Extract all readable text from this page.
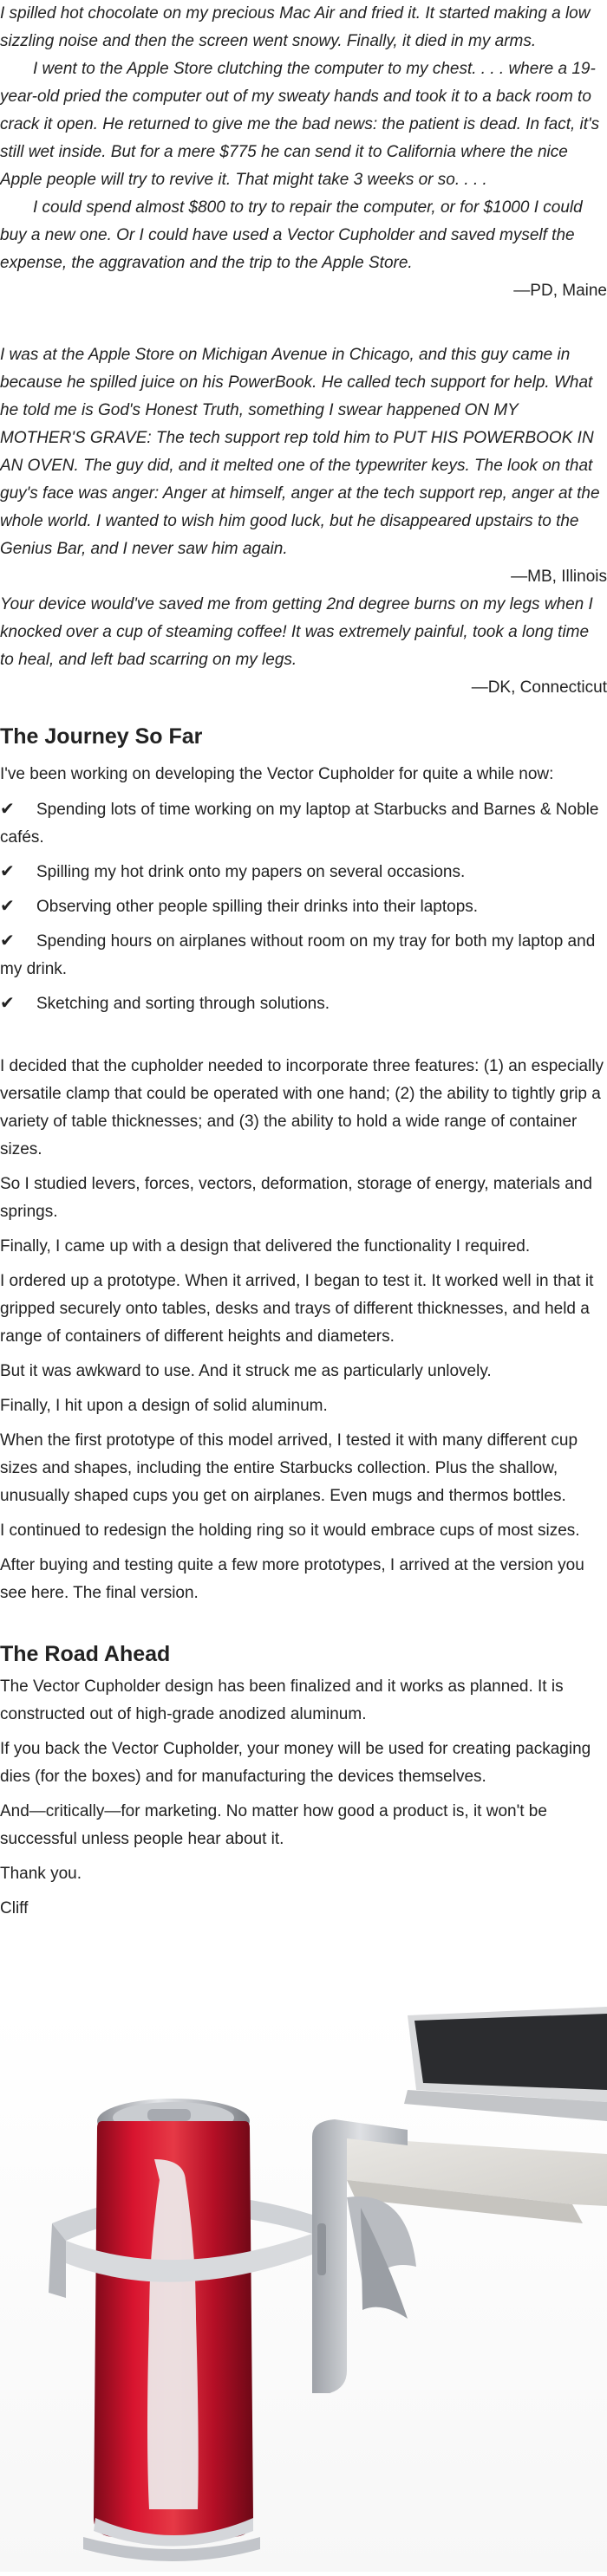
I spilled hot chocolate on my precious Mac Air and fried it. It started making a low sizzling noise and then the screen went snowy. Finally, it died in my arms.

I went to the Apple Store clutching the computer to my chest. . . . where a 19-year-old pried the computer out of my sweaty hands and took it to a back room to crack it open. He returned to give me the bad news: the patient is dead. In fact, it's still wet inside. But for a mere $775 he can send it to California where the nice Apple people will try to revive it. That might take 3 weeks or so. . . .

I could spend almost $800 to try to repair the computer, or for $1000 I could buy a new one. Or I could have used a Vector Cupholder and saved myself the expense, the aggravation and the trip to the Apple Store.

—PD, Maine

I was at the Apple Store on Michigan Avenue in Chicago, and this guy came in because he spilled juice on his PowerBook. He called tech support for help. What he told me is God's Honest Truth, something I swear happened ON MY MOTHER'S GRAVE: The tech support rep told him to PUT HIS POWERBOOK IN AN OVEN. The guy did, and it melted one of the typewriter keys. The look on that guy's face was anger: Anger at himself, anger at the tech support rep, anger at the whole world. I wanted to wish him good luck, but he disappeared upstairs to the Genius Bar, and I never saw him again.

—MB, Illinois

Your device would've saved me from getting 2nd degree burns on my legs when I knocked over a cup of steaming coffee! It was extremely painful, took a long time to heal, and left bad scarring on my legs.

—DK, Connecticut

The Journey So Far

I've been working on developing the Vector Cupholder for quite a while now:

✔ Spending lots of time working on my laptop at Starbucks and Barnes & Noble cafés.
✔ Spilling my hot drink onto my papers on several occasions.
✔ Observing other people spilling their drinks into their laptops.
✔ Spending hours on airplanes without room on my tray for both my laptop and my drink.
✔ Sketching and sorting through solutions.

I decided that the cupholder needed to incorporate three features: (1) an especially versatile clamp that could be operated with one hand; (2) the ability to tightly grip a variety of table thicknesses; and (3) the ability to hold a wide range of container sizes.

So I studied levers, forces, vectors, deformation, storage of energy, materials and springs.

Finally, I came up with a design that delivered the functionality I required.

I ordered up a prototype. When it arrived, I began to test it. It worked well in that it gripped securely onto tables, desks and trays of different thicknesses, and held a range of containers of different heights and diameters.

But it was awkward to use. And it struck me as particularly unlovely.

Finally, I hit upon a design of solid aluminum.

When the first prototype of this model arrived, I tested it with many different cup sizes and shapes, including the entire Starbucks collection. Plus the shallow, unusually shaped cups you get on airplanes. Even mugs and thermos bottles.

I continued to redesign the holding ring so it would embrace cups of most sizes.

After buying and testing quite a few more prototypes, I arrived at the version you see here. The final version.

The Road Ahead

The Vector Cupholder design has been finalized and it works as planned. It is constructed out of high-grade anodized aluminum.

If you back the Vector Cupholder, your money will be used for creating packaging dies (for the boxes) and for manufacturing the devices themselves.

And—critically—for marketing. No matter how good a product is, it won't be successful unless people hear about it.

Thank you.

Cliff
